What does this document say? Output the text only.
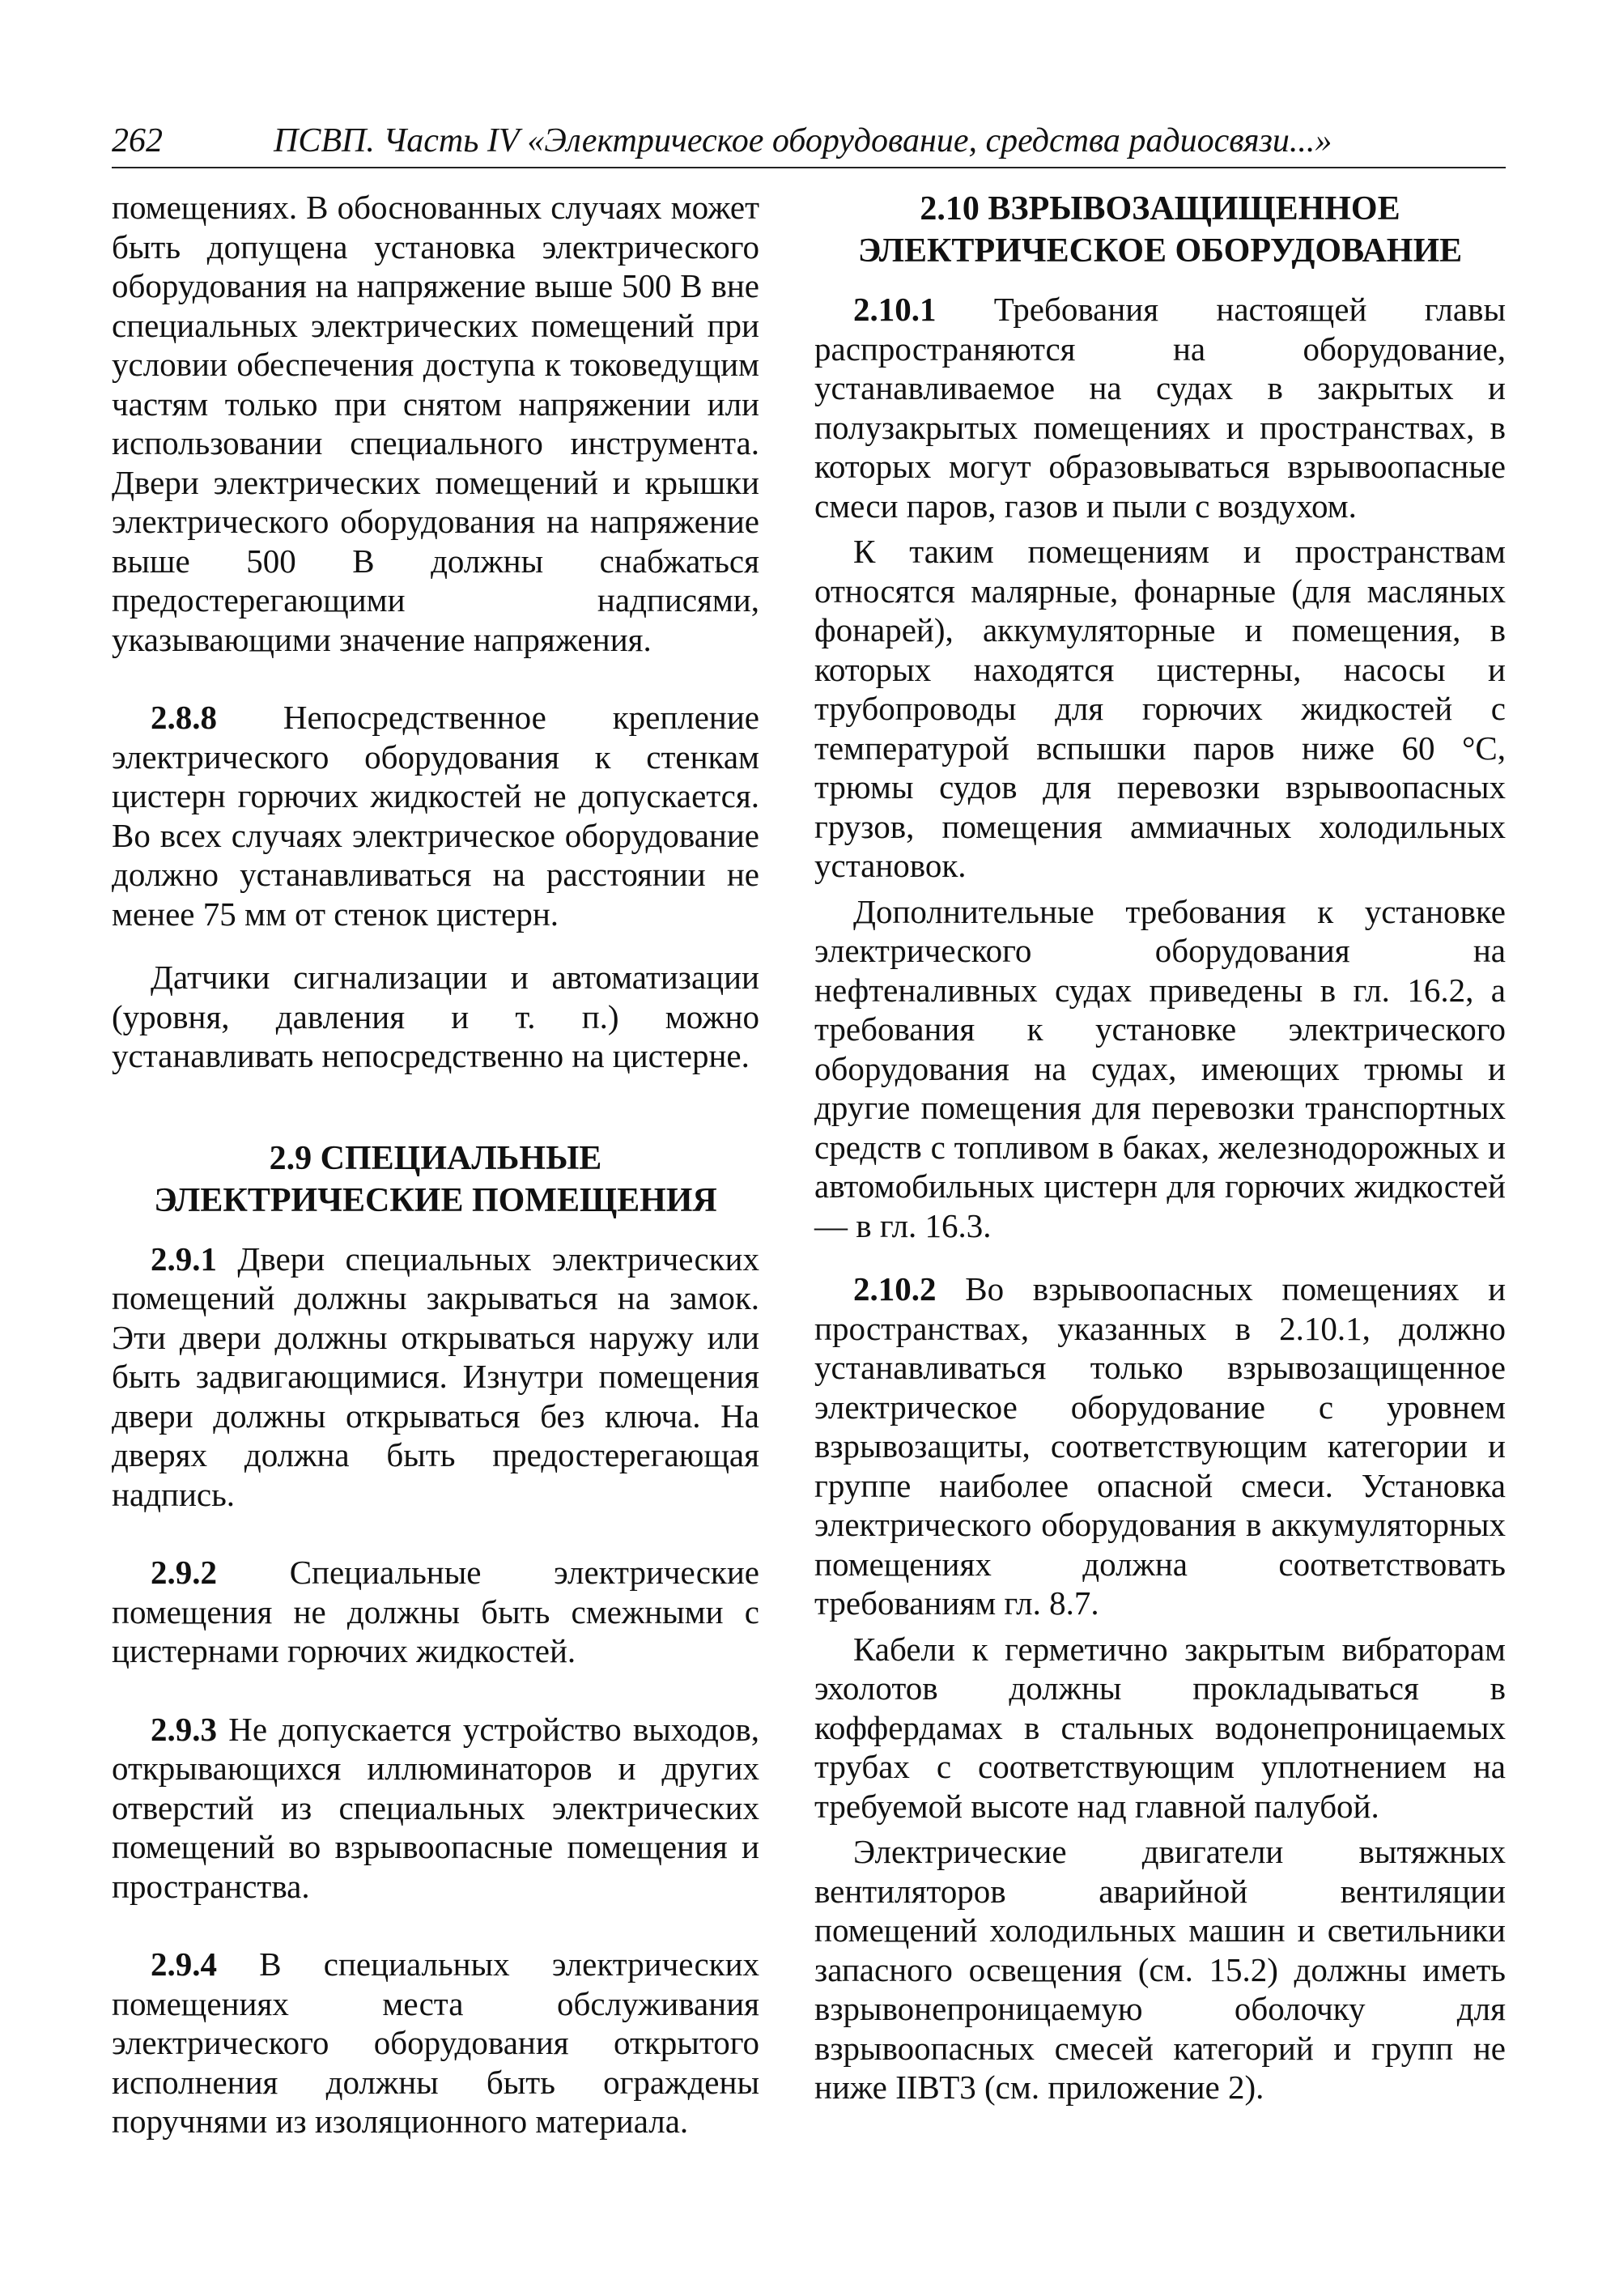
262	ПСВП. Часть IV «Электрическое оборудование, средства радиосвязи...»

помещениях. В обоснованных случаях может быть допущена установка электрического оборудования на напряжение выше 500 В вне специальных электрических помещений при условии обеспечения доступа к токоведущим частям только при снятом напряжении или использовании специального инструмента. Двери электрических помещений и крышки электрического оборудования на напряжение выше 500 В должны снабжаться предостерегающими надписями, указывающими значение напряжения.

2.8.8 Непосредственное крепление электрического оборудования к стенкам цистерн горючих жидкостей не допускается. Во всех случаях электрическое оборудование должно устанавливаться на расстоянии не менее 75 мм от стенок цистерн.

Датчики сигнализации и автоматизации (уровня, давления и т. п.) можно устанавливать непосредственно на цистерне.

2.9 СПЕЦИАЛЬНЫЕ
ЭЛЕКТРИЧЕСКИЕ ПОМЕЩЕНИЯ

2.9.1 Двери специальных электрических помещений должны закрываться на замок. Эти двери должны открываться наружу или быть задвигающимися. Изнутри помещения двери должны открываться без ключа. На дверях должна быть предостерегающая надпись.

2.9.2 Специальные электрические помещения не должны быть смежными с цистернами горючих жидкостей.

2.9.3 Не допускается устройство выходов, открывающихся иллюминаторов и других отверстий из специальных электрических помещений во взрывоопасные помещения и пространства.

2.9.4 В специальных электрических помещениях места обслуживания электрического оборудования открытого исполнения должны быть ограждены поручнями из изоляционного материала.

2.10 ВЗРЫВОЗАЩИЩЕННОЕ
ЭЛЕКТРИЧЕСКОЕ ОБОРУДОВАНИЕ

2.10.1 Требования настоящей главы распространяются на оборудование, устанавливаемое на судах в закрытых и полузакрытых помещениях и пространствах, в которых могут образовываться взрывоопасные смеси паров, газов и пыли с воздухом.

К таким помещениям и пространствам относятся малярные, фонарные (для масляных фонарей), аккумуляторные и помещения, в которых находятся цистерны, насосы и трубопроводы для горючих жидкостей с температурой вспышки паров ниже 60 °С, трюмы судов для перевозки взрывоопасных грузов, помещения аммиачных холодильных установок.

Дополнительные требования к установке электрического оборудования на нефтеналивных судах приведены в гл. 16.2, а требования к установке электрического оборудования на судах, имеющих трюмы и другие помещения для перевозки транспортных средств с топливом в баках, железнодорожных и автомобильных цистерн для горючих жидкостей — в гл. 16.3.

2.10.2 Во взрывоопасных помещениях и пространствах, указанных в 2.10.1, должно устанавливаться только взрывозащищенное электрическое оборудование с уровнем взрывозащиты, соответствующим категории и группе наиболее опасной смеси. Установка электрического оборудования в аккумуляторных помещениях должна соответствовать требованиям гл. 8.7.

Кабели к герметично закрытым вибраторам эхолотов должны прокладываться в коффердамах в стальных водонепроницаемых трубах с соответствующим уплотнением на требуемой высоте над главной палубой.

Электрические двигатели вытяжных вентиляторов аварийной вентиляции помещений холодильных машин и светильники запасного освещения (см. 15.2) должны иметь взрывонепроницаемую оболочку для взрывоопасных смесей категорий и групп не ниже IIВТ3 (см. приложение 2).
